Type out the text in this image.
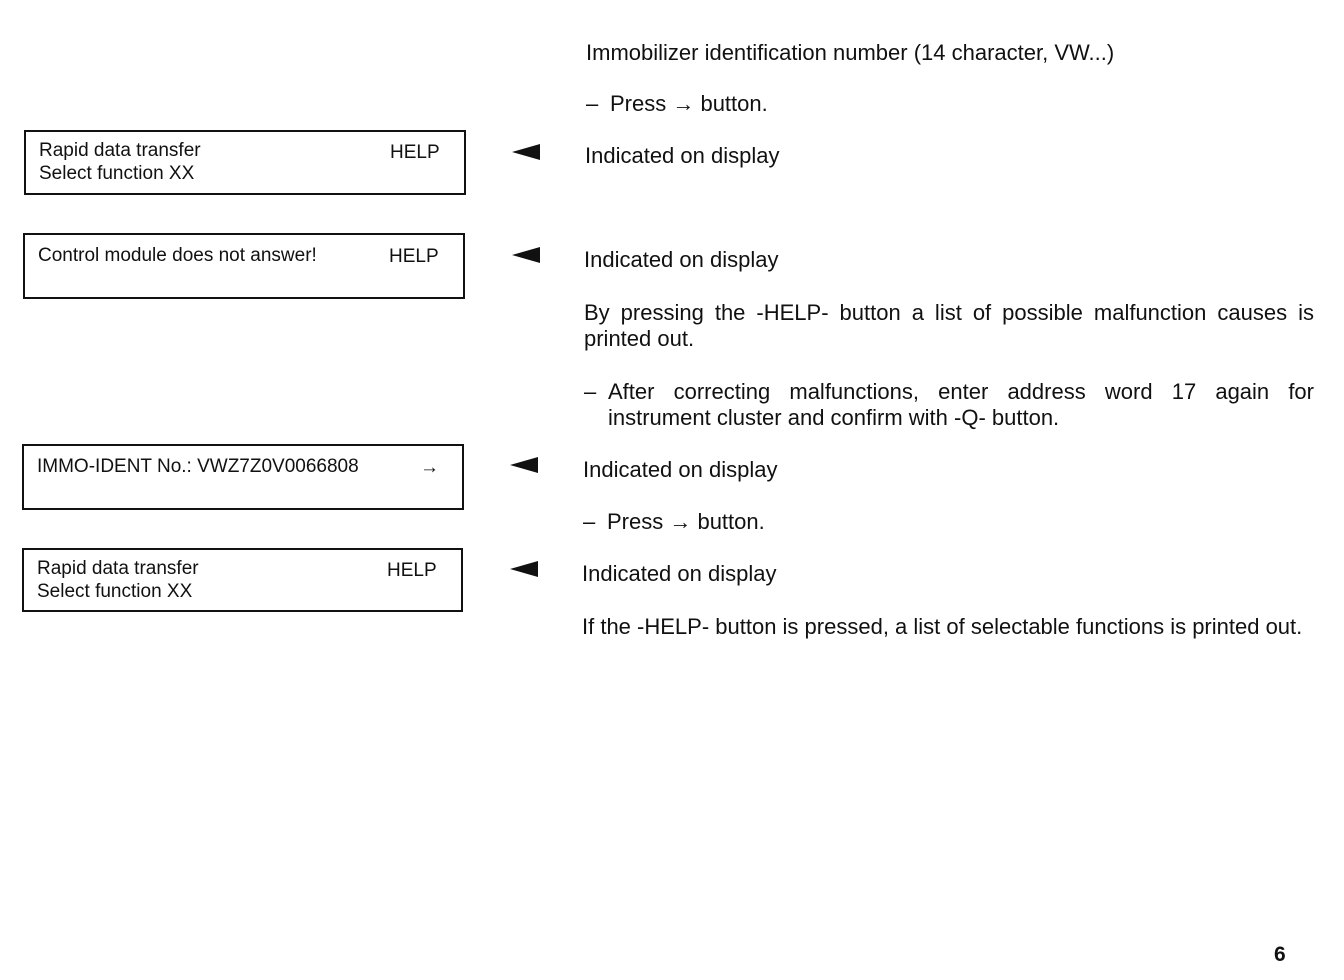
Immobilizer identification number (14 character, VW...)
– Press → button.
Rapid data transfer
Select function XX
HELP	Indicated on display
Control module does not answer!	HELP	Indicated on display
By pressing the -HELP- button a list of possible malfunction causes is printed out.
– After correcting malfunctions, enter address word 17 again for instrument cluster and confirm with -Q- button.
IMMO-IDENT No.: VWZ7Z0V0066808	→	Indicated on display
– Press → button.
Rapid data transfer
Select function XX
HELP	Indicated on display
If the -HELP- button is pressed, a list of selectable functions is printed out.
6
